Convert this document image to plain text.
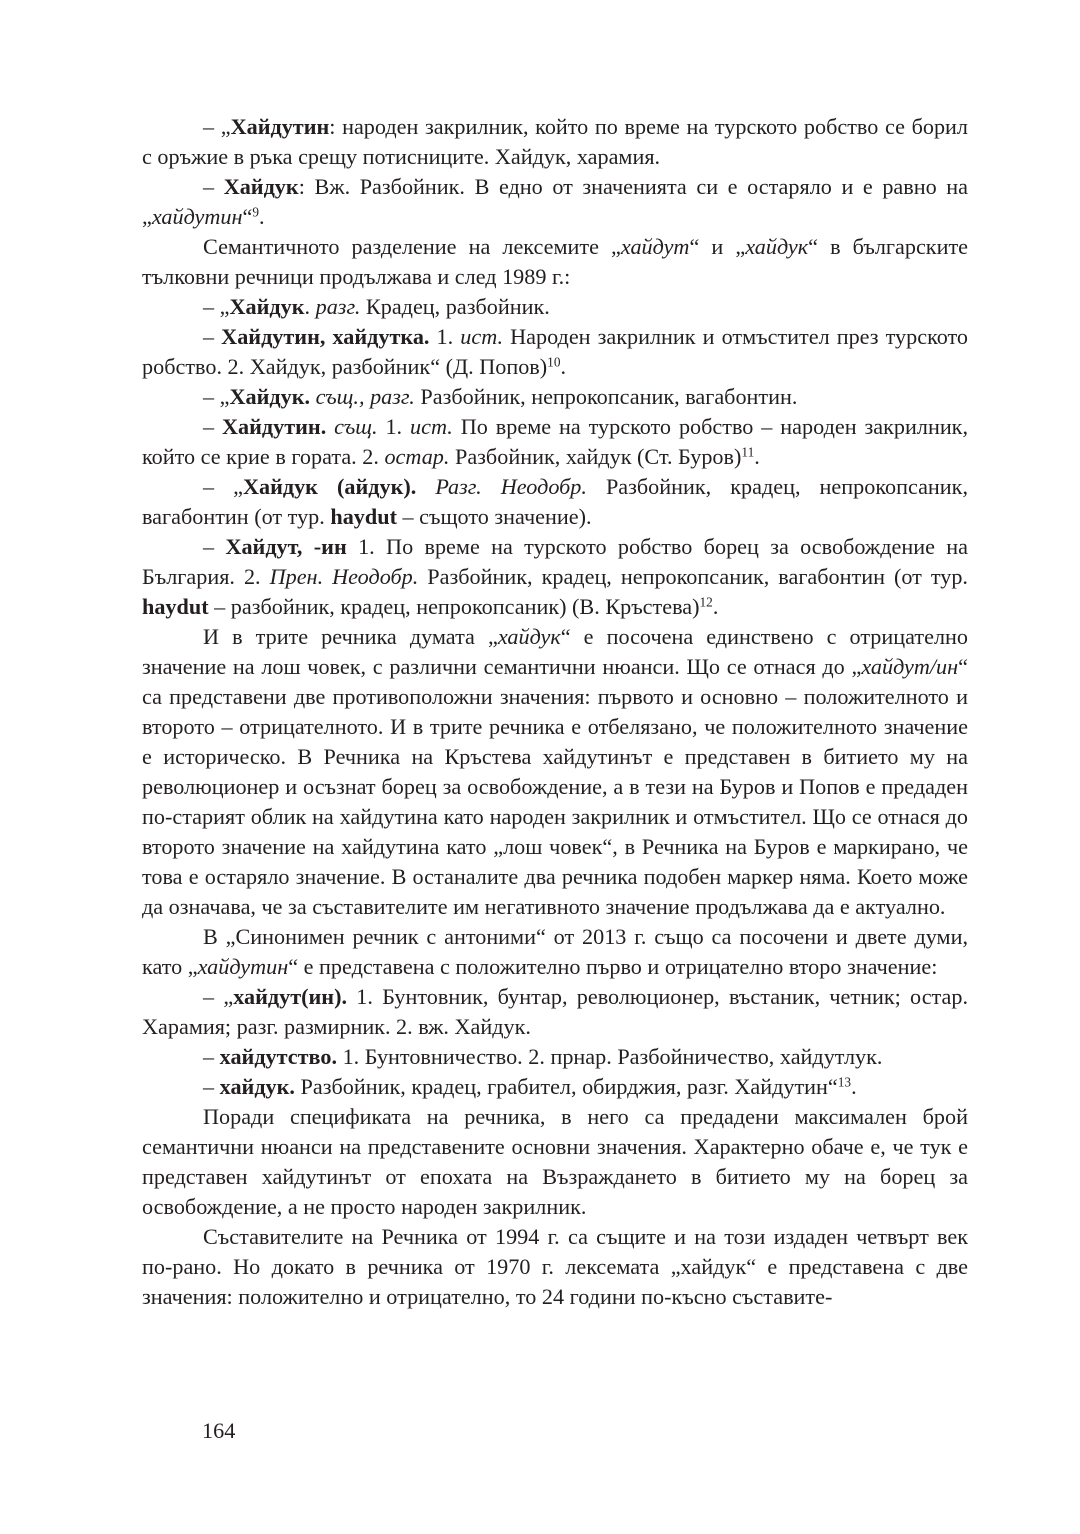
– „Хайдутин: народен закрилник, който по време на турското робство се борил с оръжие в ръка срещу потисниците. Хайдук, харамия.

– Хайдук: Вж. Разбойник. В едно от значенията си е остаряло и е равно на „хайдутин“$^9$.

Семантичното разделение на лексемите „хайдут“ и „хайдук“ в българските тълковни речници продължава и след 1989 г.:

– „Хайдук. разг. Крадец, разбойник.

– Хайдутин, хайдутка. 1. ист. Народен закрилник и отмъстител през турското робство. 2. Хайдук, разбойник“ (Д. Попов)$^{10}$.

– „Хайдук. същ., разг. Разбойник, непрокопсаник, вагабонтин.

– Хайдутин. същ. 1. ист. По време на турското робство – народен закрилник, който се крие в гората. 2. остар. Разбойник, хайдук (Ст. Буров)$^{11}$.

– „Хайдук (айдук). Разг. Неодобр. Разбойник, крадец, непрокопсаник, вагабонтин (от тур. haydut – същото значение).

– Хайдут, -ин 1. По време на турското робство борец за освобождение на България. 2. Прен. Неодобр. Разбойник, крадец, непрокопсаник, вагабонтин (от тур. haydut – разбойник, крадец, непрокопсаник) (В. Кръстева)$^{12}$.

И в трите речника думата „хайдук“ е посочена единствено с отрицателно значение на лош човек, с различни семантични нюанси. Що се отнася до „хайдут/ин“ са представени две противоположни значения: първото и основно – положителното и второто – отрицателното. И в трите речника е отбелязано, че положителното значение е историческо. В Речника на Кръстева хайдутинът е представен в битието му на революционер и осъзнат борец за освобождение, а в тези на Буров и Попов е предаден по-старият облик на хайдутина като народен закрилник и отмъстител. Що се отнася до второто значение на хайдутина като „лош човек“, в Речника на Буров е маркирано, че това е остаряло значение. В останалите два речника подобен маркер няма. Което може да означава, че за съставителите им негативното значение продължава да е актуално.

В „Синонимен речник с антоними“ от 2013 г. също са посочени и двете думи, като „хайдутин“ е представена с положително първо и отрицателно второ значение:

– „хайдут(ин). 1. Бунтовник, бунтар, революционер, въстаник, четник; остар. Харамия; разг. размирник. 2. вж. Хайдук.

– хайдутство. 1. Бунтовничество. 2. прнар. Разбойничество, хайдутлук.

– хайдук. Разбойник, крадец, грабител, обирджия, разг. Хайдутин“$^{13}$.

Поради спецификата на речника, в него са предадени максимален брой семантични нюанси на представените основни значения. Характерно обаче е, че тук е представен хайдутинът от епохата на Възраждането в битието му на борец за освобождение, а не просто народен закрилник.

Съставителите на Речника от 1994 г. са същите и на този издаден четвърт век по-рано. Но докато в речника от 1970 г. лексемата „хайдук“ е представена с две значения: положително и отрицателно, то 24 години по-късно съставите-

164
